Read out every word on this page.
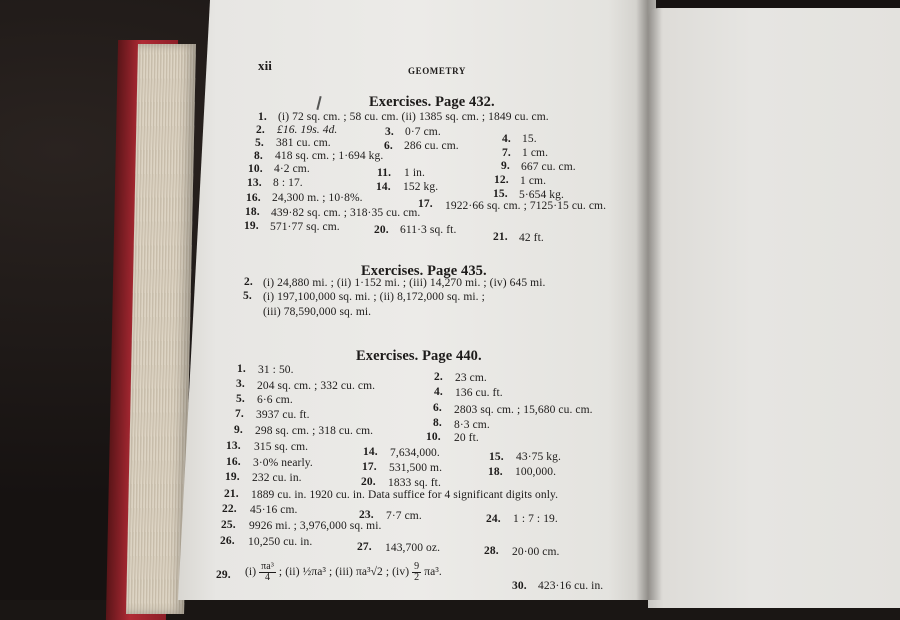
xii	GEOMETRY
Exercises. Page 432.
1. (i) 72 sq. cm. ; 58 cu. cm. (ii) 1385 sq. cm. ; 1849 cu. cm.
2. £16. 19s. 4d.	3. 0·7 cm.
4. 15.
5. 381 cu. cm.	6. 286 cu. cm.
7. 1 cm.
8. 418 sq. cm. ; 1·694 kg.
9. 667 cu. cm.
10. 4·2 cm.	11. 1 in.
12. 1 cm.
13. 8 : 17.	14. 152 kg.
15. 5·654 kg.
16. 24,300 m. ; 10·8%.	17. 1922·66 sq. cm. ; 7125·15 cu. cm.
18. 439·82 sq. cm. ; 318·35 cu. cm.
19. 571·77 sq. cm.	20. 611·3 sq. ft.
21. 42 ft.
Exercises. Page 435.
2. (i) 24,880 mi. ; (ii) 1·152 mi. ; (iii) 14,270 mi. ; (iv) 645 mi.
5. (i) 197,100,000 sq. mi. ; (ii) 8,172,000 sq. mi. ;
(iii) 78,590,000 sq. mi.
Exercises. Page 440.
1. 31 : 50.
2. 23 cm.
3. 204 sq. cm. ; 332 cu. cm.	4. 136 cu. ft.
5. 6·6 cm.
7. 3937 cu. ft.
6. 2803 sq. cm. ; 15,680 cu. cm.
8. 8·3 cm.
9. 298 sq. cm. ; 318 cu. cm.	10. 20 ft.
13. 315 sq. cm.	14. 7,634,000.	15. 43·75 kg.
16. 3·0% nearly.	17. 531,500 m.	18. 100,000.
19. 232 cu. in.	20. 1833 sq. ft.
21. 1889 cu. in. 1920 cu. in. Data suffice for 4 significant digits only.
22. 45·16 cm.	23. 7·7 cm.	24. 1 : 7 : 19.
25. 9926 mi. ; 3,976,000 sq. mi.
26. 10,250 cu. in.	27. 143,700 oz.	28. 20·00 cm.
29. $(i) \frac{\text{πa³}}{4}$ ; (ii) ½πa³ ; (iii) πa³√2 ; $(iv) \frac{9}{2} \pi a^3$.
30. 423·16 cu. in.
